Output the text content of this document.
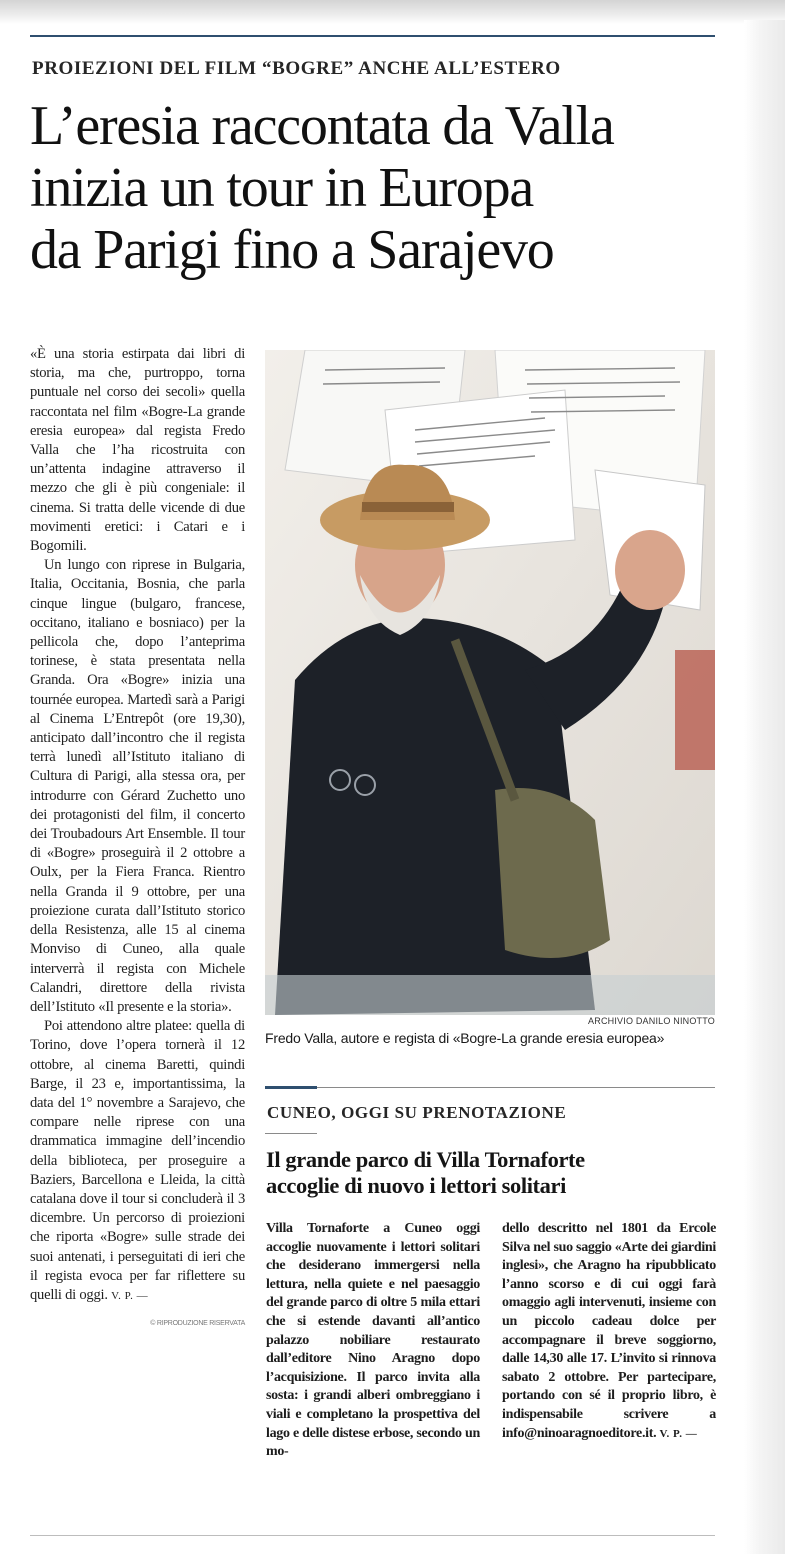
PROIEZIONI DEL FILM “BOGRE” ANCHE ALL’ESTERO
L’eresia raccontata da Valla
inizia un tour in Europa
da Parigi fino a Sarajevo

«È una storia estirpata dai libri di storia, ma che, purtroppo, torna puntuale nel corso dei secoli» quella raccontata nel film «Bogre-La grande eresia europea» dal regista Fredo Valla che l’ha ricostruita con un’attenta indagine attraverso il mezzo che gli è più congeniale: il cinema. Si tratta delle vicende di due movimenti eretici: i Catari e i Bogomili.

Un lungo con riprese in Bulgaria, Italia, Occitania, Bosnia, che parla cinque lingue (bulgaro, francese, occitano, italiano e bosniaco) per la pellicola che, dopo l’anteprima torinese, è stata presentata nella Granda. Ora «Bogre» inizia una tournée europea. Martedì sarà a Parigi al Cinema L’Entrepôt (ore 19,30), anticipato dall’incontro che il regista terrà lunedì all’Istituto italiano di Cultura di Parigi, alla stessa ora, per introdurre con Gérard Zuchetto uno dei protagonisti del film, il concerto dei Troubadours Art Ensemble. Il tour di «Bogre» proseguirà il 2 ottobre a Oulx, per la Fiera Franca. Rientro nella Granda il 9 ottobre, per una proiezione curata dall’Istituto storico della Resistenza, alle 15 al cinema Monviso di Cuneo, alla quale interverrà il regista con Michele Calandri, direttore della rivista dell’Istituto «Il presente e la storia».

Poi attendono altre platee: quella di Torino, dove l’opera tornerà il 12 ottobre, al cinema Baretti, quindi Barge, il 23 e, importantissima, la data del 1° novembre a Sarajevo, che compare nelle riprese con una drammatica immagine dell’incendio della biblioteca, per proseguire a Baziers, Barcellona e Lleida, la città catalana dove il tour si concluderà il 3 dicembre. Un percorso di proiezioni che riporta «Bogre» sulle strade dei suoi antenati, i perseguitati di ieri che il regista evoca per far riflettere su quelli di oggi. V. P. —

© RIPRODUZIONE RISERVATA
ARCHIVIO DANILO NINOTTO
Fredo Valla, autore e regista di «Bogre-La grande eresia europea»
CUNEO, OGGI SU PRENOTAZIONE
Il grande parco di Villa Tornaforte
accoglie di nuovo i lettori solitari

Villa Tornaforte a Cuneo oggi accoglie nuovamente i lettori solitari che desiderano immergersi nella lettura, nella quiete e nel paesaggio del grande parco di oltre 5 mila ettari che si estende davanti all’antico palazzo nobiliare restaurato dall’editore Nino Aragno dopo l’acquisizione. Il parco invita alla sosta: i grandi alberi ombreggiano i viali e completano la prospettiva del lago e delle distese erbose, secondo un mo-

dello descritto nel 1801 da Ercole Silva nel suo saggio «Arte dei giardini inglesi», che Aragno ha ripubblicato l’anno scorso e di cui oggi farà omaggio agli intervenuti, insieme con un piccolo cadeau dolce per accompagnare il breve soggiorno, dalle 14,30 alle 17. L’invito si rinnova sabato 2 ottobre. Per partecipare, portando con sé il proprio libro, è indispensabile scrivere a info@ninoaragnoeditore.it. V. P. —
